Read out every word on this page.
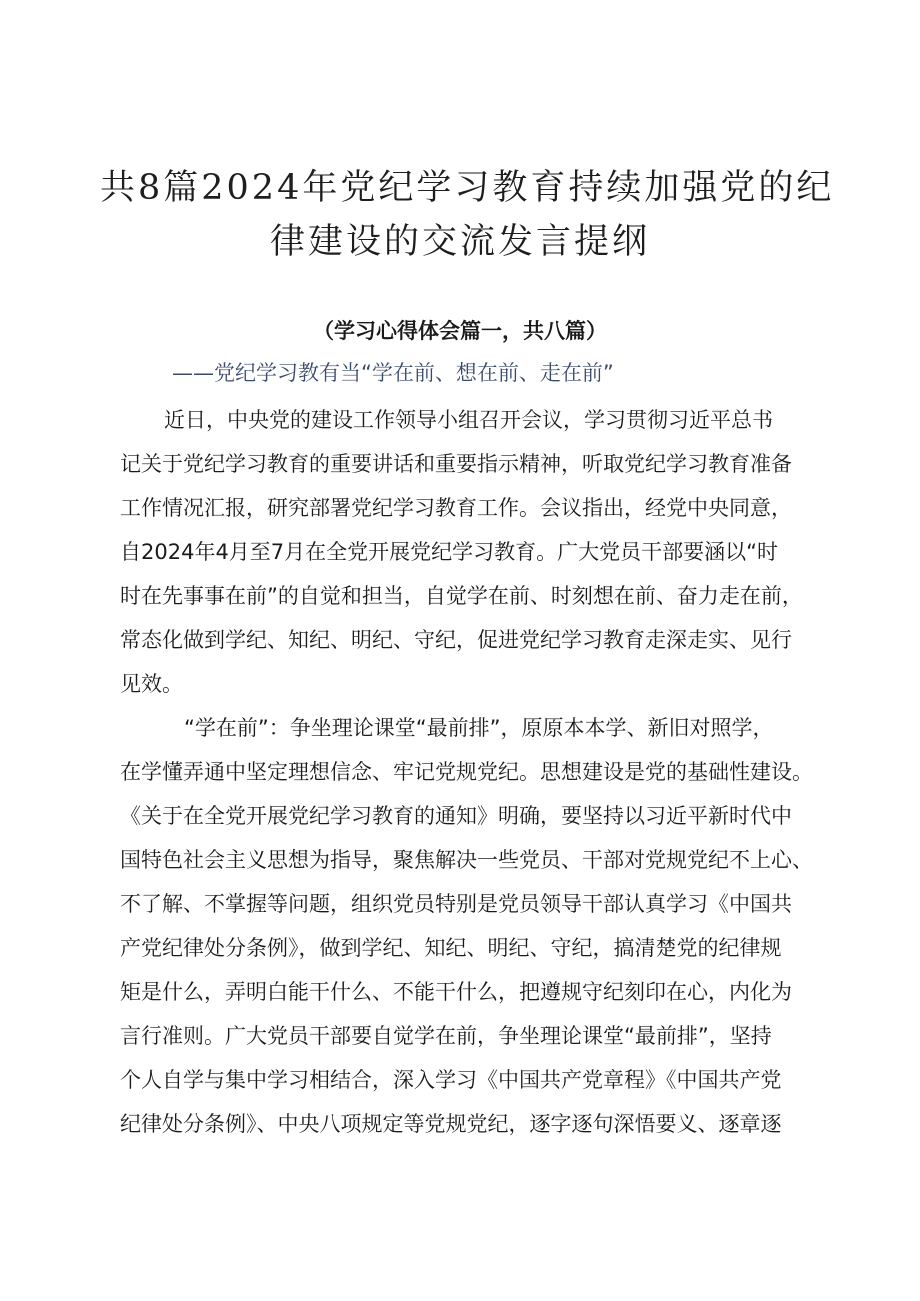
共8篇2024年党纪学习教育持续加强党的纪
律建设的交流发言提纲
（学习心得体会篇一，共八篇）
——党纪学习教有当“学在前、想在前、走在前”
近日，中央党的建设工作领导小组召开会议，学习贯彻习近平总书
记关于党纪学习教育的重要讲话和重要指示精神，听取党纪学习教育准备
工作情况汇报，研究部署党纪学习教育工作。会议指出，经党中央同意，
自2024年4月至7月在全党开展党纪学习教育。广大党员干部要涵以“时
时在先事事在前”的自觉和担当，自觉学在前、时刻想在前、奋力走在前，
常态化做到学纪、知纪、明纪、守纪，促进党纪学习教育走深走实、见行
见效。
“学在前”：争坐理论课堂“最前排”，原原本本学、新旧对照学，
在学懂弄通中坚定理想信念、牢记党规党纪。思想建设是党的基础性建设。
《关于在全党开展党纪学习教育的通知》明确，要坚持以习近平新时代中
国特色社会主义思想为指导，聚焦解决一些党员、干部对党规党纪不上心、
不了解、不掌握等问题，组织党员特别是党员领导干部认真学习《中国共
产党纪律处分条例》，做到学纪、知纪、明纪、守纪，搞清楚党的纪律规
矩是什么，弄明白能干什么、不能干什么，把遵规守纪刻印在心，内化为
言行准则。广大党员干部要自觉学在前，争坐理论课堂“最前排”，坚持
个人自学与集中学习相结合，深入学习《中国共产党章程》《中国共产党
纪律处分条例》、中央八项规定等党规党纪，逐字逐句深悟要义、逐章逐
